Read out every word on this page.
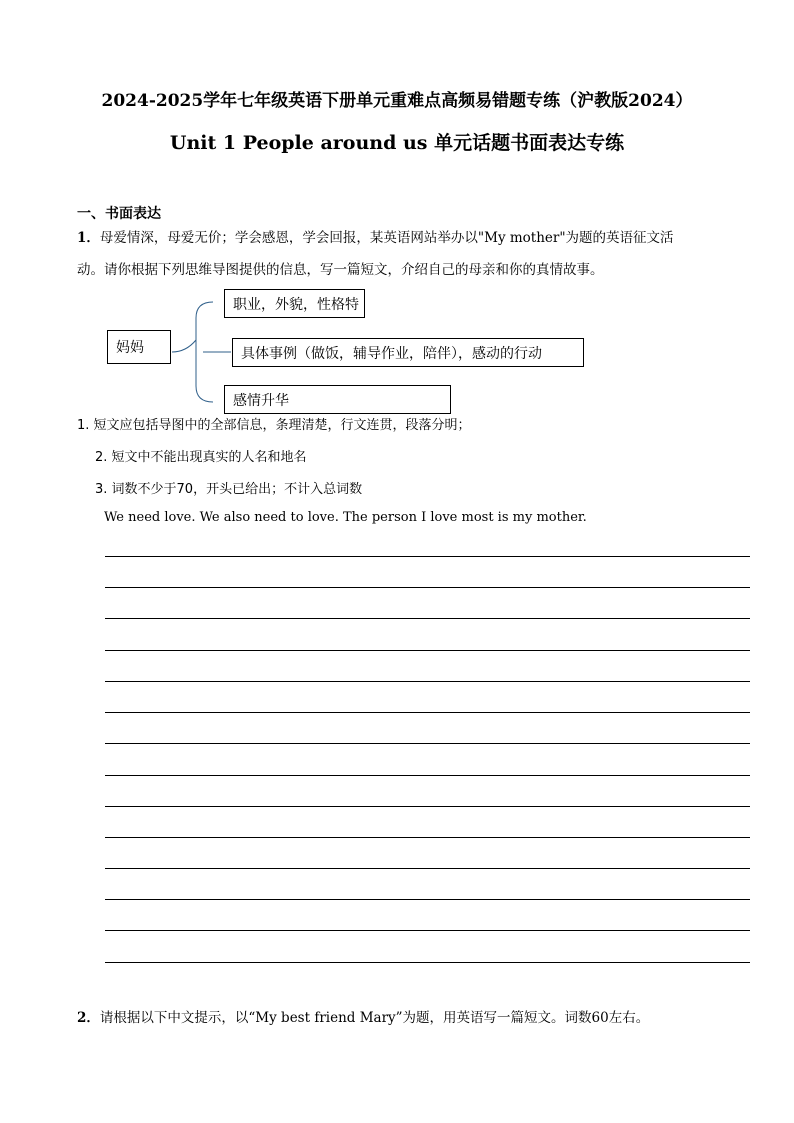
2024-2025学年七年级英语下册单元重难点高频易错题专练（沪教版2024）
Unit 1 People around us 单元话题书面表达专练
一、书面表达
1．母爱情深，母爱无价；学会感恩，学会回报，某英语网站举办以"My mother"为题的英语征文活
动。请你根据下列思维导图提供的信息，写一篇短文，介绍自己的母亲和你的真情故事。
妈妈
职业，外貌，性格特
具体事例（做饭，辅导作业，陪伴），感动的行动
感情升华
1. 短文应包括导图中的全部信息，条理清楚，行文连贯，段落分明；
2. 短文中不能出现真实的人名和地名
3. 词数不少于70，开头已给出；不计入总词数
We need love. We also need to love. The person I love most is my mother.
2．请根据以下中文提示，以“My best friend Mary”为题，用英语写一篇短文。词数60左右。
